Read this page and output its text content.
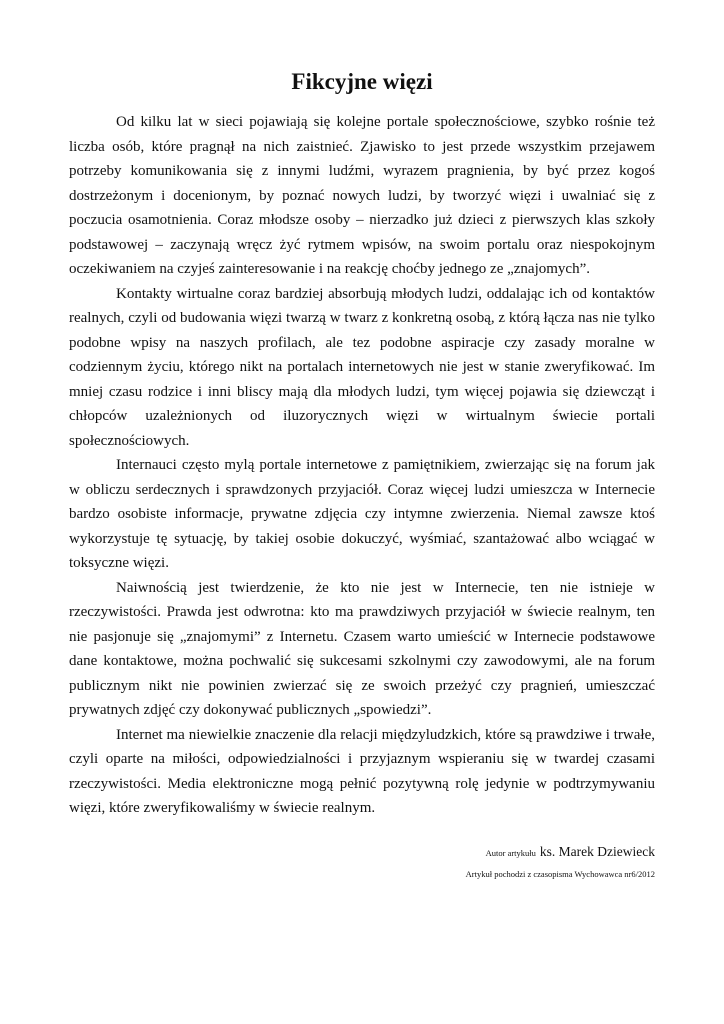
Fikcyjne więzi

Od kilku lat w sieci pojawiają się kolejne portale społecznościowe, szybko rośnie też liczba osób, które pragnął na nich zaistnieć. Zjawisko to jest przede wszystkim przejawem potrzeby komunikowania się z innymi ludźmi, wyrazem pragnienia, by być przez kogoś dostrzeżonym i docenionym, by poznać nowych ludzi, by tworzyć więzi i uwalniać się z poczucia osamotnienia. Coraz młodsze osoby – nierzadko już dzieci z pierwszych klas szkoły podstawowej – zaczynają wręcz żyć rytmem wpisów, na swoim portalu oraz niespokojnym oczekiwaniem na czyjeś zainteresowanie i na reakcję choćby jednego ze „znajomych”.

Kontakty wirtualne coraz bardziej absorbują młodych ludzi, oddalając ich od kontaktów realnych, czyli od budowania więzi twarzą w twarz z konkretną osobą, z którą łącza nas nie tylko podobne wpisy na naszych profilach, ale tez podobne aspiracje czy zasady moralne w codziennym życiu, którego nikt na portalach internetowych nie jest w stanie zweryfikować. Im mniej czasu rodzice i inni bliscy mają dla młodych ludzi, tym więcej pojawia się dziewcząt i chłopców uzależnionych od iluzorycznych więzi w wirtualnym świecie portali społecznościowych.

Internauci często mylą portale internetowe z pamiętnikiem, zwierzając się na forum jak w obliczu serdecznych i sprawdzonych przyjaciół. Coraz więcej ludzi umieszcza w Internecie bardzo osobiste informacje, prywatne zdjęcia czy intymne zwierzenia. Niemal zawsze ktoś wykorzystuje tę sytuację, by takiej osobie dokuczyć, wyśmiać, szantażować albo wciągać w toksyczne więzi.

Naiwnością jest twierdzenie, że kto nie jest w Internecie, ten nie istnieje w rzeczywistości. Prawda jest odwrotna: kto ma prawdziwych przyjaciół w świecie realnym, ten nie pasjonuje się „znajomymi” z Internetu. Czasem warto umieścić w Internecie podstawowe dane kontaktowe, można pochwalić się sukcesami szkolnymi czy zawodowymi, ale na forum publicznym nikt nie powinien zwierzać się ze swoich przeżyć czy pragnień, umieszczać prywatnych zdjęć czy dokonywać publicznych „spowiedzi”.

Internet ma niewielkie znaczenie dla relacji międzyludzkich, które są prawdziwe i trwałe, czyli oparte na miłości, odpowiedzialności i przyjaznym wspieraniu się w twardej czasami rzeczywistości. Media elektroniczne mogą pełnić pozytywną rolę jedynie w podtrzymywaniu więzi, które zweryfikowaliśmy w świecie realnym.

Autor artykułu ks. Marek Dziewieck
Artykuł pochodzi z czasopisma Wychowawca nr6/2012
